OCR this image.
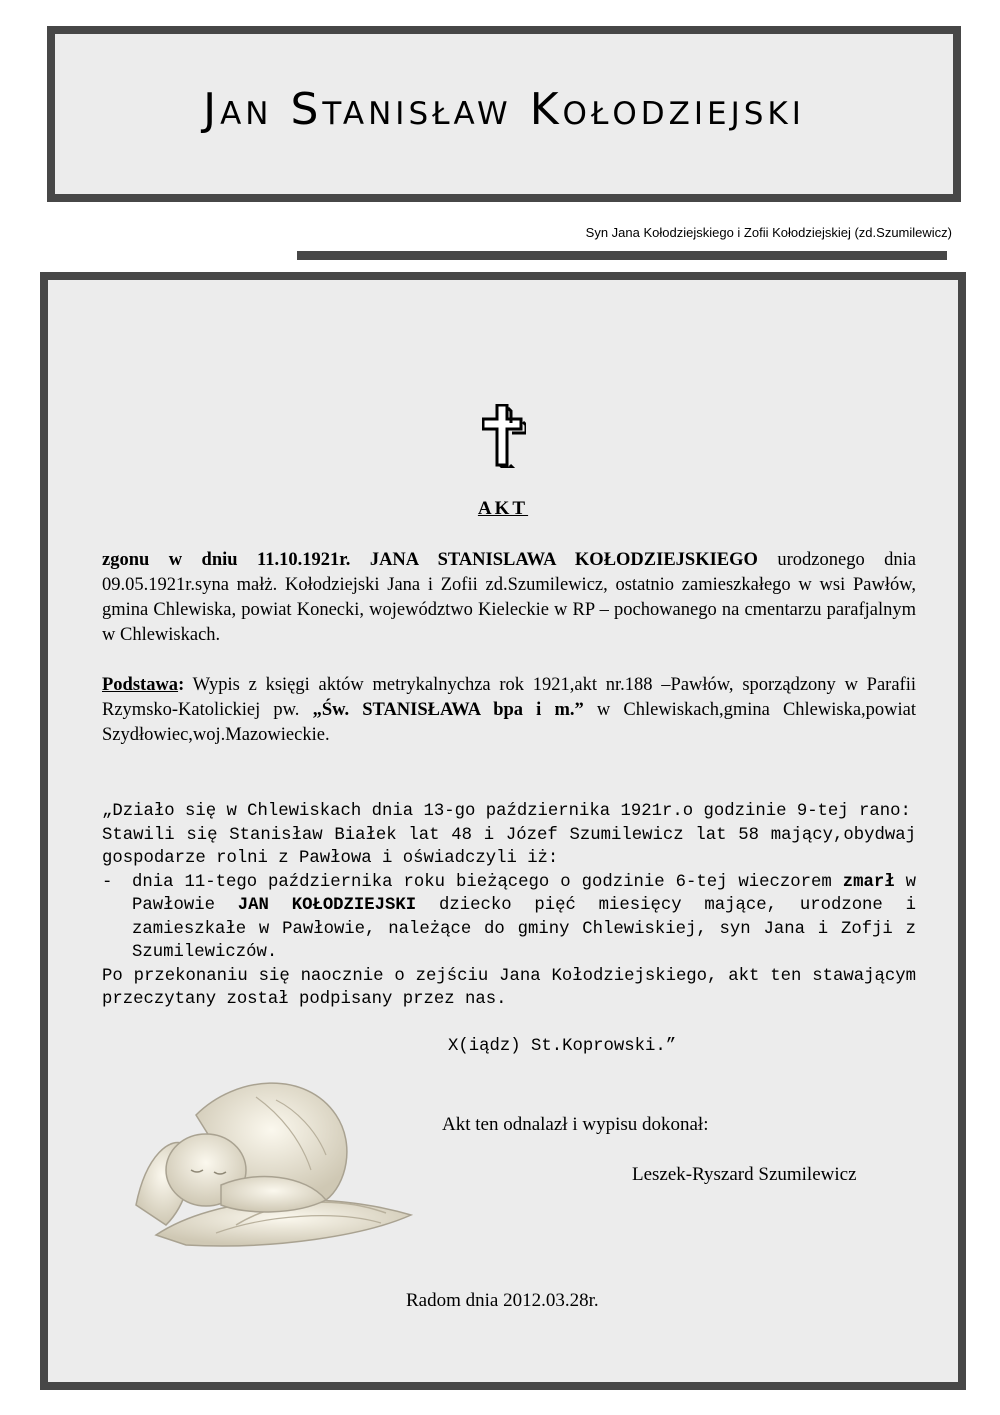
Jan Stanisław Kołodziejski
Syn Jana Kołodziejskiego i Zofii Kołodziejskiej (zd.Szumilewicz)
AKT
zgonu w dniu 11.10.1921r. JANA STANISLAWA KOŁODZIEJSKIEGO urodzonego dnia 09.05.1921r.syna małż. Kołodziejski Jana i Zofii zd.Szumilewicz, ostatnio zamieszkałego w wsi Pawłów, gmina Chlewiska, powiat Konecki, województwo Kieleckie w RP – pochowanego na cmentarzu parafjalnym w Chlewiskach.
Podstawa: Wypis z księgi aktów metrykalnychza rok 1921,akt nr.188 –Pawłów, sporządzony w Parafii Rzymsko-Katolickiej pw. „Św. STANISŁAWA bpa i m.” w Chlewiskach,gmina Chlewiska,powiat Szydłowiec,woj.Mazowieckie.
„Działo się w Chlewiskach dnia 13-go października 1921r.o godzinie 9-tej rano:
Stawili się Stanisław Białek lat 48 i Józef Szumilewicz lat 58 mający,obydwaj gospodarze rolni z Pawłowa i oświadczyli iż:
-	dnia 11-tego października roku bieżącego o godzinie 6-tej wieczorem zmarł w Pawłowie JAN KOŁODZIEJSKI dziecko pięć miesięcy mające, urodzone i zamieszkałe w Pawłowie, należące do gminy Chlewiskiej, syn Jana i Zofji z Szumilewiczów.
Po przekonaniu się naocznie o zejściu Jana Kołodziejskiego, akt ten stawającym przeczytany został podpisany przez nas.
X(iądz) St.Koprowski.”
Akt ten odnalazł i wypisu dokonał:
Leszek-Ryszard Szumilewicz
Radom dnia 2012.03.28r.
